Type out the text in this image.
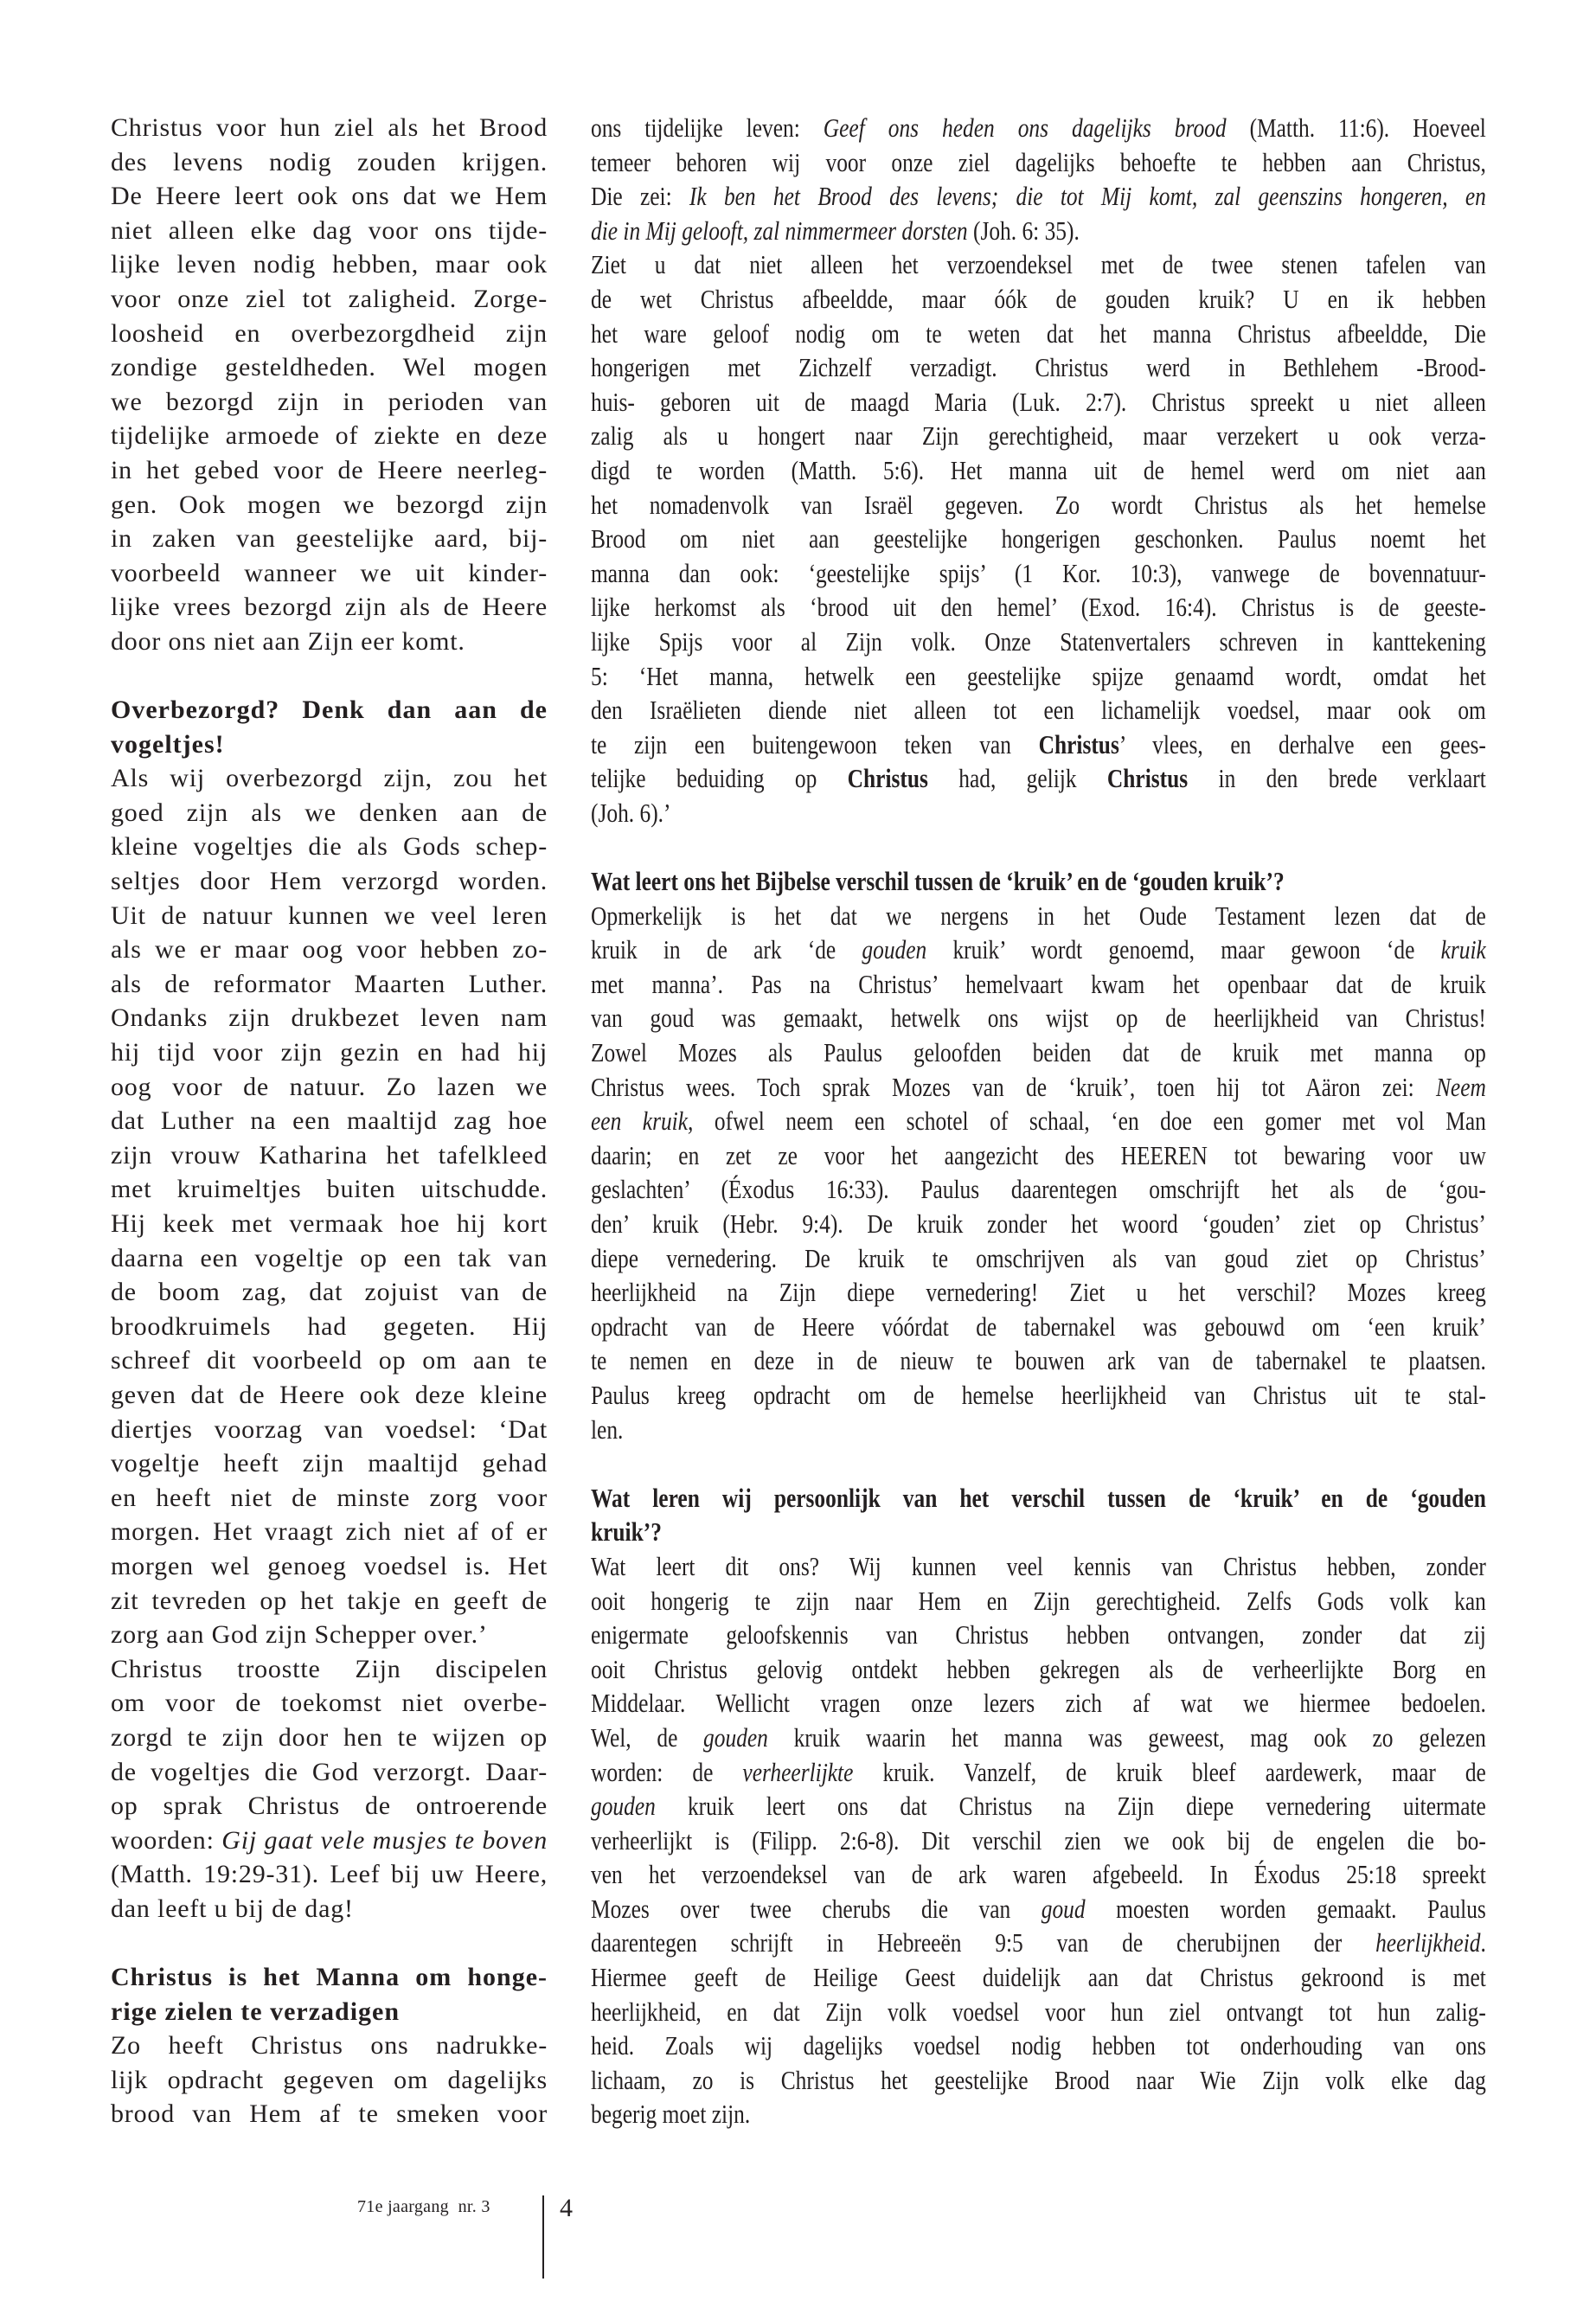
Christus voor hun ziel als het Brood
des levens nodig zouden krijgen.
De Heere leert ook ons dat we Hem
niet alleen elke dag voor ons tijde-
lijke leven nodig hebben, maar ook
voor onze ziel tot zaligheid. Zorge-
loosheid en overbezorgdheid zijn
zondige gesteldheden. Wel mogen
we bezorgd zijn in perioden van
tijdelijke armoede of ziekte en deze
in het gebed voor de Heere neerleg-
gen. Ook mogen we bezorgd zijn
in zaken van geestelijke aard, bij-
voorbeeld wanneer we uit kinder-
lijke vrees bezorgd zijn als de Heere
door ons niet aan Zijn eer komt.
Overbezorgd? Denk dan aan de
vogeltjes!
Als wij overbezorgd zijn, zou het
goed zijn als we denken aan de
kleine vogeltjes die als Gods schep-
seltjes door Hem verzorgd worden.
Uit de natuur kunnen we veel leren
als we er maar oog voor hebben zo-
als de reformator Maarten Luther.
Ondanks zijn drukbezet leven nam
hij tijd voor zijn gezin en had hij
oog voor de natuur. Zo lazen we
dat Luther na een maaltijd zag hoe
zijn vrouw Katharina het tafelkleed
met kruimeltjes buiten uitschudde.
Hij keek met vermaak hoe hij kort
daarna een vogeltje op een tak van
de boom zag, dat zojuist van de
broodkruimels had gegeten. Hij
schreef dit voorbeeld op om aan te
geven dat de Heere ook deze kleine
diertjes voorzag van voedsel: ‘Dat
vogeltje heeft zijn maaltijd gehad
en heeft niet de minste zorg voor
morgen. Het vraagt zich niet af of er
morgen wel genoeg voedsel is. Het
zit tevreden op het takje en geeft de
zorg aan God zijn Schepper over.’
Christus troostte Zijn discipelen
om voor de toekomst niet overbe-
zorgd te zijn door hen te wijzen op
de vogeltjes die God verzorgt. Daar-
op sprak Christus de ontroerende
woorden: Gij gaat vele musjes te boven
(Matth. 19:29-31). Leef bij uw Heere,
dan leeft u bij de dag!
Christus is het Manna om honge-
rige zielen te verzadigen
Zo heeft Christus ons nadrukke-
lijk opdracht gegeven om dagelijks
brood van Hem af te smeken voor
ons tijdelijke leven: Geef ons heden ons dagelijks brood (Matth. 11:6). Hoeveel
temeer behoren wij voor onze ziel dagelijks behoefte te hebben aan Christus,
Die zei: Ik ben het Brood des levens; die tot Mij komt, zal geenszins hongeren, en
die in Mij gelooft, zal nimmermeer dorsten (Joh. 6: 35).
Ziet u dat niet alleen het verzoendeksel met de twee stenen tafelen van
de wet Christus afbeeldde, maar óók de gouden kruik? U en ik hebben
het ware geloof nodig om te weten dat het manna Christus afbeeldde, Die
hongerigen met Zichzelf verzadigt. Christus werd in Bethlehem -Brood-
huis- geboren uit de maagd Maria (Luk. 2:7). Christus spreekt u niet alleen
zalig als u hongert naar Zijn gerechtigheid, maar verzekert u ook verza-
digd te worden (Matth. 5:6). Het manna uit de hemel werd om niet aan
het nomadenvolk van Israël gegeven. Zo wordt Christus als het hemelse
Brood om niet aan geestelijke hongerigen geschonken. Paulus noemt het
manna dan ook: ‘geestelijke spijs’ (1 Kor. 10:3), vanwege de bovennatuur-
lijke herkomst als ‘brood uit den hemel’ (Exod. 16:4). Christus is de geeste-
lijke Spijs voor al Zijn volk. Onze Statenvertalers schreven in kanttekening
5: ‘Het manna, hetwelk een geestelijke spijze genaamd wordt, omdat het
den Israëlieten diende niet alleen tot een lichamelijk voedsel, maar ook om
te zijn een buitengewoon teken van Christus’ vlees, en derhalve een gees-
telijke beduiding op Christus had, gelijk Christus in den brede verklaart
(Joh. 6).’
Wat leert ons het Bijbelse verschil tussen de ‘kruik’ en de ‘gouden kruik’?
Opmerkelijk is het dat we nergens in het Oude Testament lezen dat de
kruik in de ark ‘de gouden kruik’ wordt genoemd, maar gewoon ‘de kruik
met manna’. Pas na Christus’ hemelvaart kwam het openbaar dat de kruik
van goud was gemaakt, hetwelk ons wijst op de heerlijkheid van Christus!
Zowel Mozes als Paulus geloofden beiden dat de kruik met manna op
Christus wees. Toch sprak Mozes van de ‘kruik’, toen hij tot Aäron zei: Neem
een kruik, ofwel neem een schotel of schaal, ‘en doe een gomer met vol Man
daarin; en zet ze voor het aangezicht des HEEREN tot bewaring voor uw
geslachten’ (Éxodus 16:33). Paulus daarentegen omschrijft het als de ‘gou-
den’ kruik (Hebr. 9:4). De kruik zonder het woord ‘gouden’ ziet op Christus’
diepe vernedering. De kruik te omschrijven als van goud ziet op Christus’
heerlijkheid na Zijn diepe vernedering! Ziet u het verschil? Mozes kreeg
opdracht van de Heere vóórdat de tabernakel was gebouwd om ‘een kruik’
te nemen en deze in de nieuw te bouwen ark van de tabernakel te plaatsen.
Paulus kreeg opdracht om de hemelse heerlijkheid van Christus uit te stal-
len.
Wat leren wij persoonlijk van het verschil tussen de ‘kruik’ en de ‘gouden
kruik’?
Wat leert dit ons? Wij kunnen veel kennis van Christus hebben, zonder
ooit hongerig te zijn naar Hem en Zijn gerechtigheid. Zelfs Gods volk kan
enigermate geloofskennis van Christus hebben ontvangen, zonder dat zij
ooit Christus gelovig ontdekt hebben gekregen als de verheerlijkte Borg en
Middelaar. Wellicht vragen onze lezers zich af wat we hiermee bedoelen.
Wel, de gouden kruik waarin het manna was geweest, mag ook zo gelezen
worden: de verheerlijkte kruik. Vanzelf, de kruik bleef aardewerk, maar de
gouden kruik leert ons dat Christus na Zijn diepe vernedering uitermate
verheerlijkt is (Filipp. 2:6-8). Dit verschil zien we ook bij de engelen die bo-
ven het verzoendeksel van de ark waren afgebeeld. In Éxodus 25:18 spreekt
Mozes over twee cherubs die van goud moesten worden gemaakt. Paulus
daarentegen schrijft in Hebreeën 9:5 van de cherubijnen der heerlijkheid.
Hiermee geeft de Heilige Geest duidelijk aan dat Christus gekroond is met
heerlijkheid, en dat Zijn volk voedsel voor hun ziel ontvangt tot hun zalig-
heid. Zoals wij dagelijks voedsel nodig hebben tot onderhouding van ons
lichaam, zo is Christus het geestelijke Brood naar Wie Zijn volk elke dag
begerig moet zijn.
71e jaargang  nr. 3	4
